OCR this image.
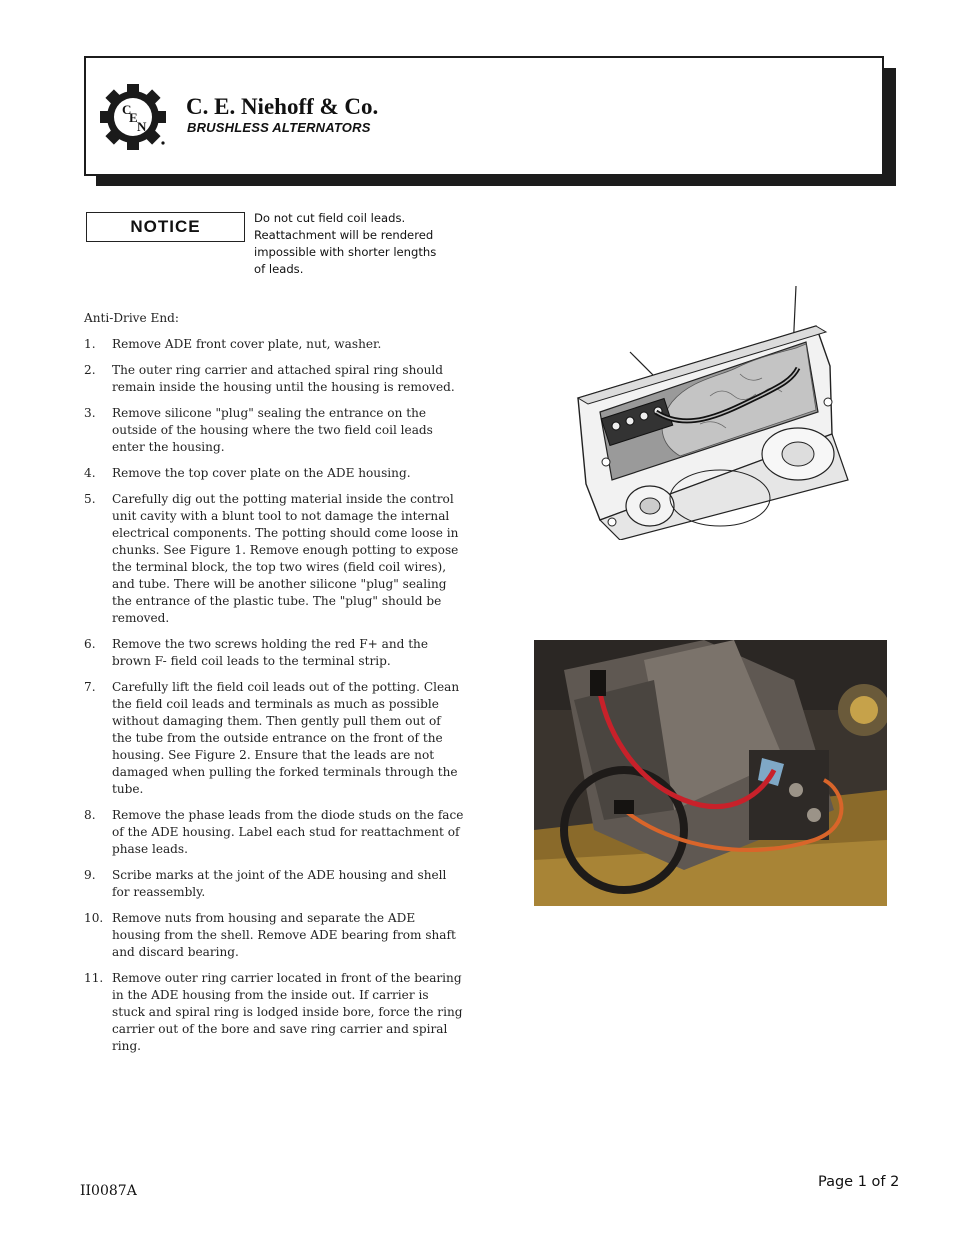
C
E
N
C. E. Niehoff & Co.
BRUSHLESS ALTERNATORS
NOTICE	Do not cut field coil leads.
Reattachment will be rendered
impossible with shorter lengths
of leads.
Anti-Drive End:
1.	Remove ADE front cover plate, nut, washer.
2.	The outer ring carrier and attached spiral ring should remain inside the housing until the housing is removed.
3.	Remove silicone "plug" sealing the entrance on the outside of the housing where the two field coil leads enter the housing.
4.	Remove the top cover plate on the ADE housing.
5.	Carefully dig out the potting material inside the control unit cavity with a blunt tool to not damage the internal electrical components. The potting should come loose in chunks. See Figure 1. Remove enough potting to expose the terminal block, the top two wires (field coil wires), and tube. There will be another silicone "plug" sealing the entrance of the plastic tube. The "plug" should be removed.
6.	Remove the two screws holding the red F+ and the brown F- field coil leads to the terminal strip.
7.	Carefully lift the field coil leads out of the potting. Clean the field coil leads and terminals as much as possible without damaging them. Then gently pull them out of the tube from the outside entrance on the front of the housing. See Figure 2. Ensure that the leads are not damaged when pulling the forked terminals through the tube.
8.	Remove the phase leads from the diode studs on the face of the ADE housing. Label each stud for reattachment of phase leads.
9.	Scribe marks at the joint of the ADE housing and shell for reassembly.
10. Remove nuts from housing and separate the ADE housing from the shell. Remove ADE bearing from shaft and discard bearing.
11. Remove outer ring carrier located in front of the bearing in the ADE housing from the inside out. If carrier is stuck and spiral ring is lodged inside bore, force the ring carrier out of the bore and save ring carrier and spiral ring.
II0087A
Page 1 of 2
